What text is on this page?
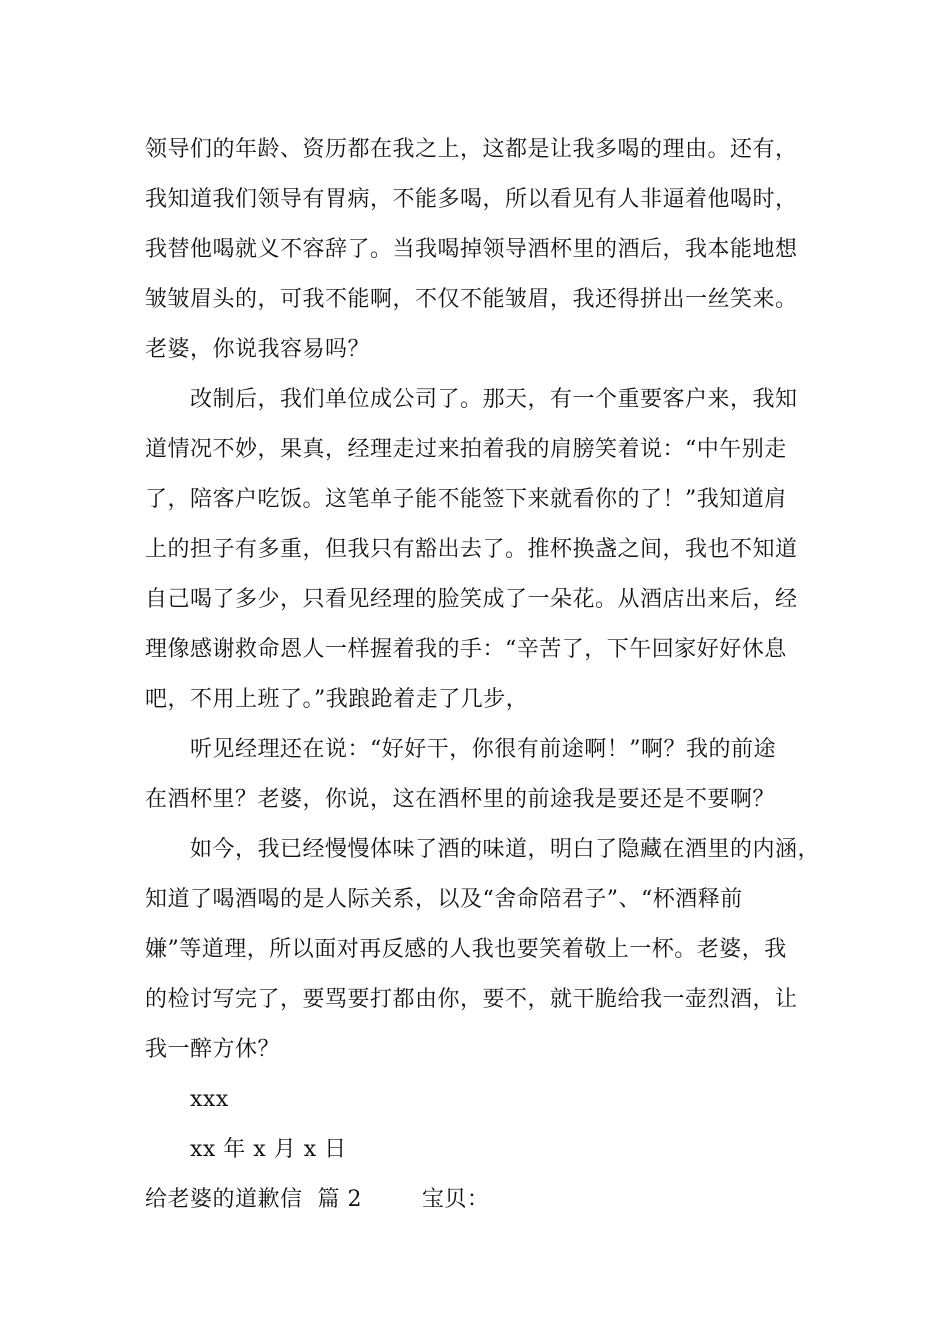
领导们的年龄、资历都在我之上，这都是让我多喝的理由。还有，
我知道我们领导有胃病，不能多喝，所以看见有人非逼着他喝时，
我替他喝就义不容辞了。当我喝掉领导酒杯里的酒后，我本能地想
皱皱眉头的，可我不能啊，不仅不能皱眉，我还得拼出一丝笑来。
老婆，你说我容易吗？
改制后，我们单位成公司了。那天，有一个重要客户来，我知
道情况不妙，果真，经理走过来拍着我的肩膀笑着说：“中午别走
了，陪客户吃饭。这笔单子能不能签下来就看你的了！”我知道肩
上的担子有多重，但我只有豁出去了。推杯换盏之间，我也不知道
自己喝了多少，只看见经理的脸笑成了一朵花。从酒店出来后，经
理像感谢救命恩人一样握着我的手：“辛苦了，下午回家好好休息
吧，不用上班了。”我踉跄着走了几步，
听见经理还在说：“好好干，你很有前途啊！”啊？我的前途
在酒杯里？老婆，你说，这在酒杯里的前途我是要还是不要啊？
如今，我已经慢慢体味了酒的味道，明白了隐藏在酒里的内涵，
知道了喝酒喝的是人际关系，以及“舍命陪君子”、“杯酒释前
嫌”等道理，所以面对再反感的人我也要笑着敬上一杯。老婆，我
的检讨写完了，要骂要打都由你，要不，就干脆给我一壶烈酒，让
我一醉方休？
xxx
xx 年 x 月 x 日
给老婆的道歉信  篇 2        宝贝：
